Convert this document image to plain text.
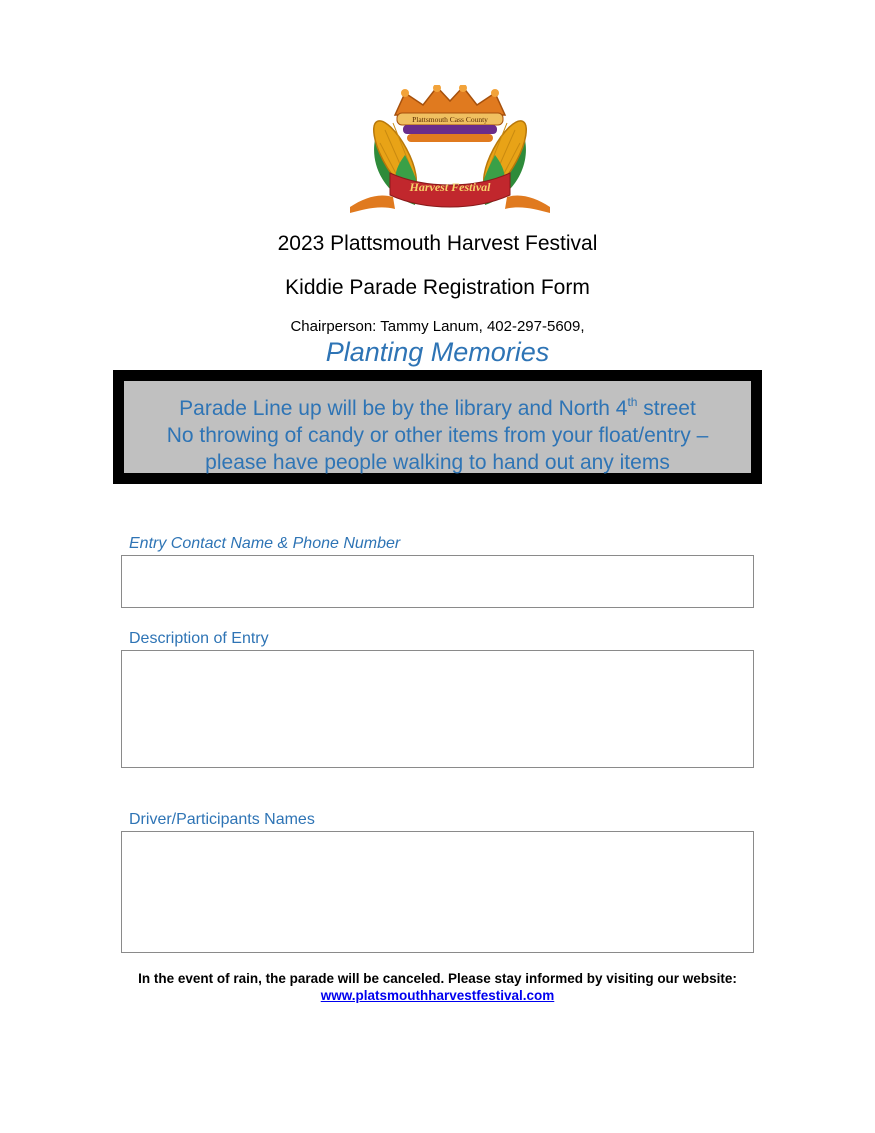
Plattsmouth Cass County
Harvest Festival
2023 Plattsmouth Harvest Festival
Kiddie Parade Registration Form
Chairperson: Tammy Lanum, 402-297-5609,
Planting Memories
Parade Line up will be by the library and North 4th street
No throwing of candy or other items from your float/entry –
please have people walking to hand out any items
Entry Contact Name & Phone Number
Description of Entry
Driver/Participants Names
In the event of rain, the parade will be canceled. Please stay informed by visiting our website:
www.platsmouthharvestfestival.com
